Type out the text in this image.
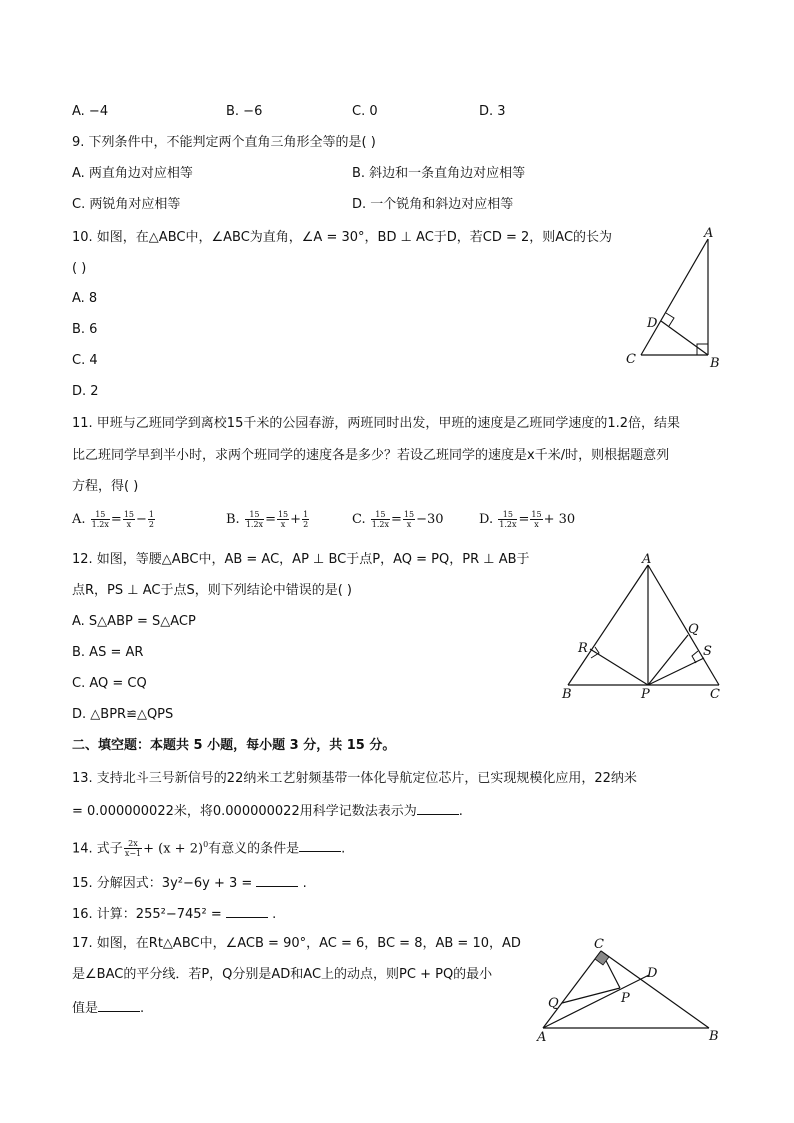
A. −4	B. −6	C. 0	D. 3
9. 下列条件中，不能判定两个直角三角形全等的是( )
A. 两直角边对应相等	B. 斜边和一条直角边对应相等
C. 两锐角对应相等	D. 一个锐角和斜边对应相等
10. 如图，在△ABC中，∠ABC为直角，∠A = 30°，BD ⊥ AC于D，若CD = 2，则AC的长为
( )
A. 8
B. 6
C. 4
D. 2
A
B
C
D
11. 甲班与乙班同学到离校15千米的公园春游，两班同时出发，甲班的速度是乙班同学速度的1.2倍，结果
比乙班同学早到半小时，求两个班同学的速度各是多少？若设乙班同学的速度是x千米/时，则根据题意列
方程，得( )
A. $\frac{15}{1.2x} = \frac{15}{x} - \frac{1}{2}$	B. $\frac{15}{1.2x} = \frac{15}{x} + \frac{1}{2}$	C. $\frac{15}{1.2x} = \frac{15}{x} -30$	D. $\frac{15}{1.2x} = \frac{15}{x} + 30$
12. 如图，等腰△ABC中，AB = AC，AP ⊥ BC于点P，AQ = PQ，PR ⊥ AB于
点R，PS ⊥ AC于点S，则下列结论中错误的是( )
A. S△ABP = S△ACP
B. AS = AR
C. AQ = CQ
D. △BPR≌△QPS
A
B	C
P
Q
R	S
二、填空题：本题共 5 小题，每小题 3 分，共 15 分。
13. 支持北斗三号新信号的22纳米工艺射频基带一体化导航定位芯片，已实现规模化应用，22纳米
= 0.000000022米，将0.000000022用科学记数法表示为	.
14. 式子 $\frac{2x}{x-1} + (x + 2)^0$有意义的条件是	.
15. 分解因式：3y²−6y + 3 =	.
16. 计算：255²−745² =	.
17. 如图，在Rt△ABC中，∠ACB = 90°，AC = 6，BC = 8，AB = 10，AD
是∠BAC的平分线．若P，Q分别是AD和AC上的动点，则PC + PQ的最小
值是	.
C
D
Q	P
A	B
